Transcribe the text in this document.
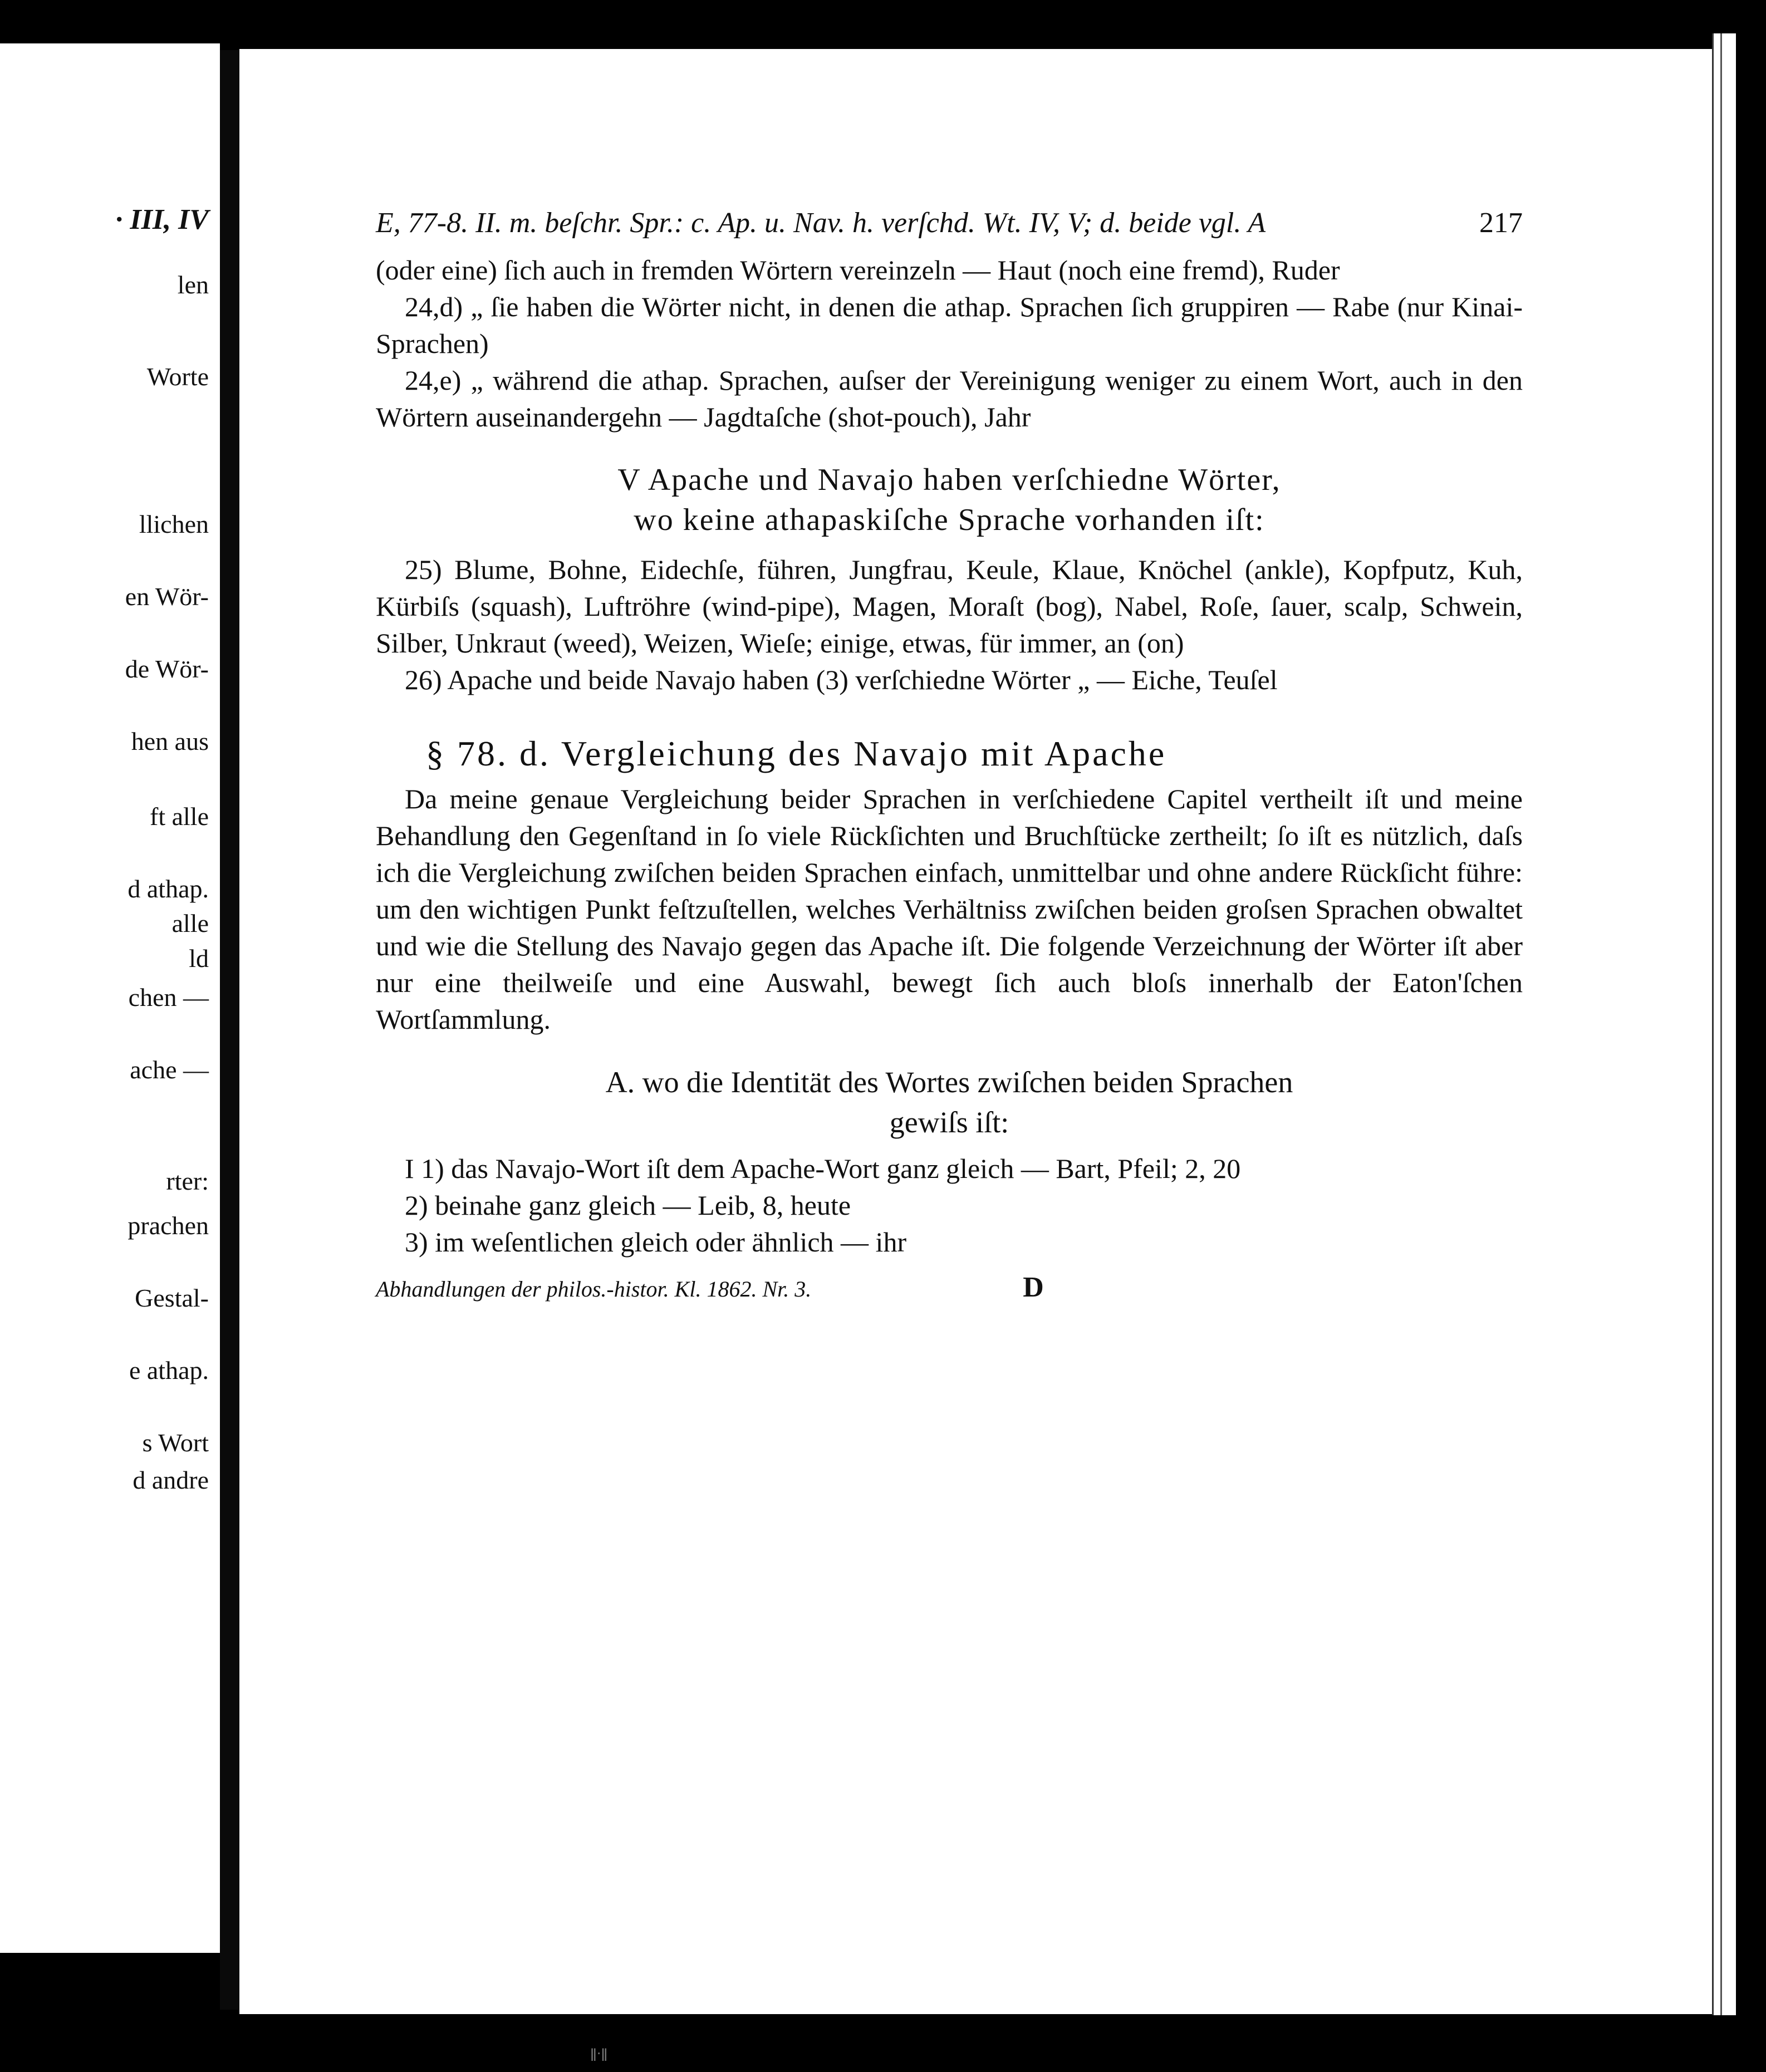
· III, IV
len
Worte
llichen
en Wör-
de Wör-
hen aus
ft alle
d athap.
alle
ld
chen —
ache —
rter:
prachen
Gestal-
e athap.
s Wort
d andre
E, 77-8. II. m. beſchr. Spr.: c. Ap. u. Nav. h. verſchd. Wt. IV, V; d. beide vgl. A	217

(oder eine) ſich auch in fremden Wörtern vereinzeln — Haut (noch eine fremd), Ruder

24,d) „ ſie haben die Wörter nicht, in denen die athap. Sprachen ſich gruppiren — Rabe (nur Kinai-Sprachen)

24,e) „ während die athap. Sprachen, auſser der Vereinigung weniger zu einem Wort, auch in den Wörtern auseinandergehn — Jagdtaſche (shot-pouch), Jahr

V Apache und Navajo haben verſchiedne Wörter,
wo keine athapaskiſche Sprache vorhanden iſt:

25) Blume, Bohne, Eidechſe, führen, Jungfrau, Keule, Klaue, Knöchel (ankle), Kopfputz, Kuh, Kürbiſs (squash), Luftröhre (wind-pipe), Magen, Moraſt (bog), Nabel, Roſe, ſauer, scalp, Schwein, Silber, Unkraut (weed), Weizen, Wieſe; einige, etwas, für immer, an (on)

26) Apache und beide Navajo haben (3) verſchiedne Wörter „ — Eiche, Teuſel

§ 78. d. Vergleichung des Navajo mit Apache

Da meine genaue Vergleichung beider Sprachen in verſchiedene Capitel vertheilt iſt und meine Behandlung den Gegenſtand in ſo viele Rückſichten und Bruchſtücke zertheilt; ſo iſt es nützlich, daſs ich die Vergleichung zwiſchen beiden Sprachen einfach, unmittelbar und ohne andere Rückſicht führe: um den wichtigen Punkt feſtzuſtellen, welches Verhältniss zwiſchen beiden groſsen Sprachen obwaltet und wie die Stellung des Navajo gegen das Apache iſt. Die folgende Verzeichnung der Wörter iſt aber nur eine theilweiſe und eine Auswahl, bewegt ſich auch bloſs innerhalb der Eaton'ſchen Wortſammlung.

A. wo die Identität des Wortes zwiſchen beiden Sprachen
gewiſs iſt:

I 1) das Navajo-Wort iſt dem Apache-Wort ganz gleich — Bart, Pfeil; 2, 20

2) beinahe ganz gleich — Leib, 8, heute

3) im weſentlichen gleich oder ähnlich — ihr

Abhandlungen der philos.-histor. Kl. 1862. Nr. 3.	D
ǁ·ǁ
